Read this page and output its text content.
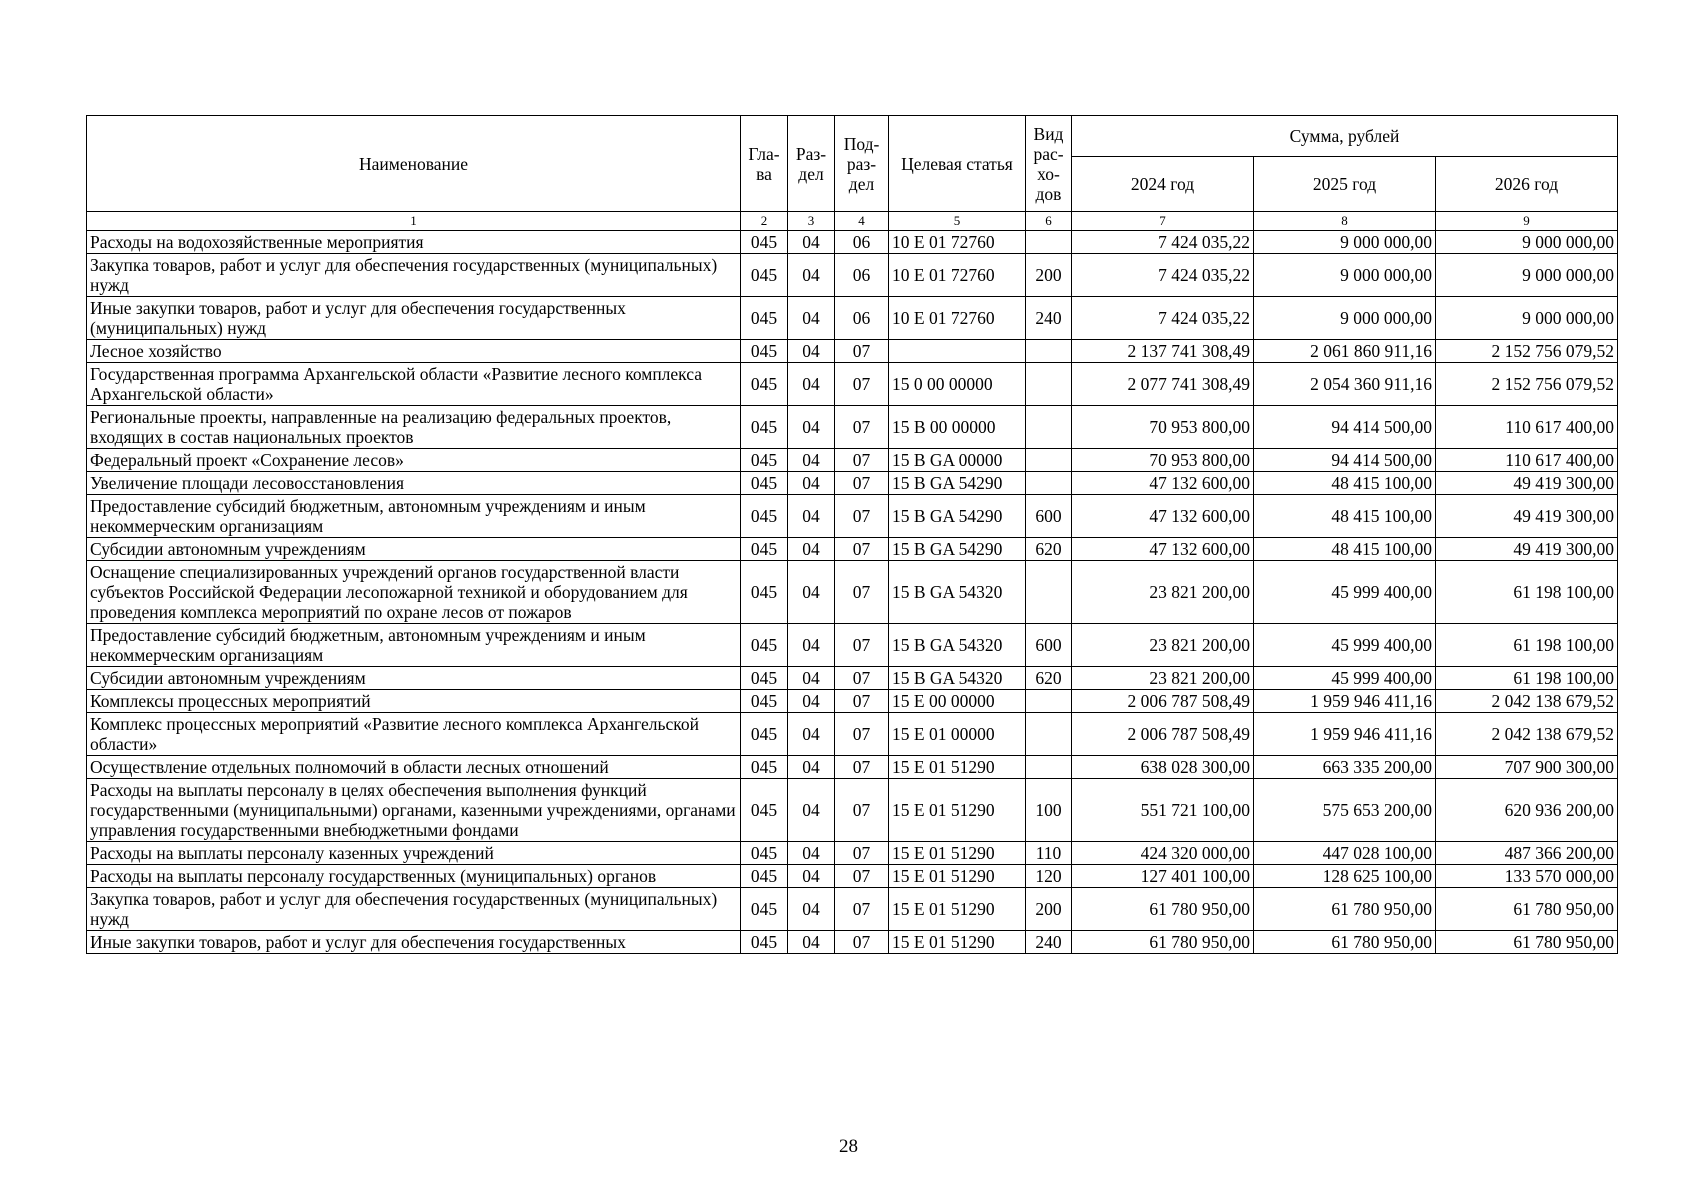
Наименование	Гла- ва	Раз- дел	Под- раз- дел	Целевая статья	Вид рас- хо- дов	Сумма, рублей		
						2024 год	2025 год	2026 год
1	2	3	4	5	6	7	8	9
Расходы на водохозяйственные мероприятия	045	04	06	10 Е 01 72760		7 424 035,22	9 000 000,00	9 000 000,00
Закупка товаров, работ и услуг для обеспечения государственных (муниципальных) нужд	045	04	06	10 Е 01 72760	200	7 424 035,22	9 000 000,00	9 000 000,00
Иные закупки товаров, работ и услуг для обеспечения государственных (муниципальных) нужд	045	04	06	10 Е 01 72760	240	7 424 035,22	9 000 000,00	9 000 000,00
Лесное хозяйство	045	04	07			2 137 741 308,49	2 061 860 911,16	2 152 756 079,52
Государственная программа Архангельской области «Развитие лесного комплекса Архангельской области»	045	04	07	15 0 00 00000		2 077 741 308,49	2 054 360 911,16	2 152 756 079,52
Региональные проекты, направленные на реализацию федеральных проектов, входящих в состав национальных проектов	045	04	07	15 В 00 00000		70 953 800,00	94 414 500,00	110 617 400,00
Федеральный проект «Сохранение лесов»	045	04	07	15 В GA 00000		70 953 800,00	94 414 500,00	110 617 400,00
Увеличение площади лесовосстановления	045	04	07	15 В GA 54290		47 132 600,00	48 415 100,00	49 419 300,00
Предоставление субсидий бюджетным, автономным учреждениям и иным некоммерческим организациям	045	04	07	15 В GA 54290	600	47 132 600,00	48 415 100,00	49 419 300,00
Субсидии автономным учреждениям	045	04	07	15 В GA 54290	620	47 132 600,00	48 415 100,00	49 419 300,00
Оснащение специализированных учреждений органов государственной власти субъектов Российской Федерации лесопожарной техникой и оборудованием для проведения комплекса мероприятий по охране лесов от пожаров	045	04	07	15 В GA 54320		23 821 200,00	45 999 400,00	61 198 100,00
Предоставление субсидий бюджетным, автономным учреждениям и иным некоммерческим организациям	045	04	07	15 В GA 54320	600	23 821 200,00	45 999 400,00	61 198 100,00
Субсидии автономным учреждениям	045	04	07	15 В GA 54320	620	23 821 200,00	45 999 400,00	61 198 100,00
Комплексы процессных мероприятий	045	04	07	15 Е 00 00000		2 006 787 508,49	1 959 946 411,16	2 042 138 679,52
Комплекс процессных мероприятий «Развитие лесного комплекса Архангельской области»	045	04	07	15 Е 01 00000		2 006 787 508,49	1 959 946 411,16	2 042 138 679,52
Осуществление отдельных полномочий в области лесных отношений	045	04	07	15 Е 01 51290		638 028 300,00	663 335 200,00	707 900 300,00
Расходы на выплаты персоналу в целях обеспечения выполнения функций государственными (муниципальными) органами, казенными учреждениями, органами управления государственными внебюджетными фондами	045	04	07	15 Е 01 51290	100	551 721 100,00	575 653 200,00	620 936 200,00
Расходы на выплаты персоналу казенных учреждений	045	04	07	15 Е 01 51290	110	424 320 000,00	447 028 100,00	487 366 200,00
Расходы на выплаты персоналу государственных (муниципальных) органов	045	04	07	15 Е 01 51290	120	127 401 100,00	128 625 100,00	133 570 000,00
Закупка товаров, работ и услуг для обеспечения государственных (муниципальных) нужд	045	04	07	15 Е 01 51290	200	61 780 950,00	61 780 950,00	61 780 950,00
Иные закупки товаров, работ и услуг для обеспечения государственных	045	04	07	15 Е 01 51290	240	61 780 950,00	61 780 950,00	61 780 950,00
28
